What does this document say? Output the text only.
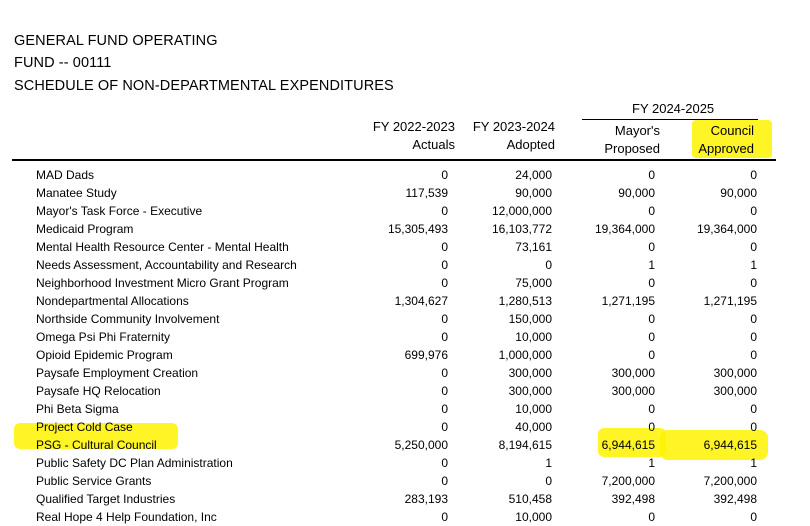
GENERAL FUND OPERATING
FUND -- 00111
SCHEDULE OF NON-DEPARTMENTAL EXPENDITURES
FY 2024-2025
FY 2022-2023
Actuals
FY 2023-2024
Adopted
Mayor's
Proposed
Council
Approved
MAD Dads	0	24,000	0	0
Manatee Study	117,539	90,000	90,000	90,000
Mayor's Task Force - Executive	0	12,000,000	0	0
Medicaid Program	15,305,493	16,103,772	19,364,000	19,364,000
Mental Health Resource Center - Mental Health	0	73,161	0	0
Needs Assessment, Accountability and Research	0	0	1	1
Neighborhood Investment Micro Grant Program	0	75,000	0	0
Nondepartmental Allocations	1,304,627	1,280,513	1,271,195	1,271,195
Northside Community Involvement	0	150,000	0	0
Omega Psi Phi Fraternity	0	10,000	0	0
Opioid Epidemic Program	699,976	1,000,000	0	0
Paysafe Employment Creation	0	300,000	300,000	300,000
Paysafe HQ Relocation	0	300,000	300,000	300,000
Phi Beta Sigma	0	10,000	0	0
Project Cold Case	0	40,000	0	0
PSG - Cultural Council	5,250,000	8,194,615	6,944,615	6,944,615
Public Safety DC Plan Administration	0	1	1	1
Public Service Grants	0	0	7,200,000	7,200,000
Qualified Target Industries	283,193	510,458	392,498	392,498
Real Hope 4 Help Foundation, Inc	0	10,000	0	0
